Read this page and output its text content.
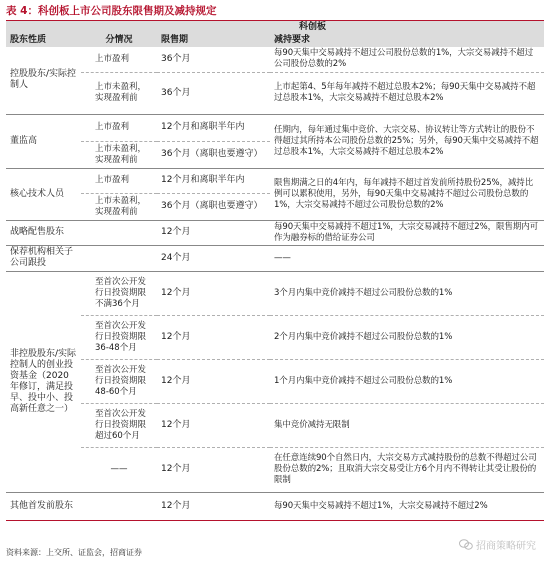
表 4：科创板上市公司股东限售期及减持规定
	科创板		
股东性质	分情况	限售期	减持要求
控股股东/实际控制人	上市盈利	36个月	每90天集中交易减持不超过公司股份总数的1%，大宗交易减持不超过公司股份总数的2%
	上市未盈利，实现盈利前	36个月	上市起第4、5年每年减持不超过总股本2%；每90天集中交易减持不超过总股本1%，大宗交易减持不超过总股本2%
董监高	上市盈利	12个月和离职半年内	任期内，每年通过集中竞价、大宗交易、协议转让等方式转让的股份不得超过其所持本公司股份总数的25%；另外，每90天集中交易减持不超过总股本1%，大宗交易减持不超过总股本2%
	上市未盈利，实现盈利前	36个月（离职也要遵守）	
核心技术人员	上市盈利	12个月和离职半年内	限售期满之日的4年内，每年减持不超过首发前所持股份25%，减持比例可以累积使用，另外，每90天集中交易减持不超过公司股份总数的1%，大宗交易减持不超过公司股份总数的2%
	上市未盈利，实现盈利前	36个月（离职也要遵守）	
战略配售股东		12个月	每90天集中交易减持不超过1%，大宗交易减持不超过2%，限售期内可作为融券标的借给证券公司
保荐机构相关子公司跟投		24个月	——
非控股股东/实际控制人的创业投资基金（2020年修订，满足投早、投中小、投高新任意之一）	至首次公开发行日投资期限不满36个月	12个月	3个月内集中竞价减持不超过公司股份总数的1%
	至首次公开发行日投资期限36-48个月	12个月	2个月内集中竞价减持不超过公司股份总数的1%
	至首次公开发行日投资期限48-60个月	12个月	1个月内集中竞价减持不超过公司股份总数的1%
	至首次公开发行日投资期限超过60个月	12个月	集中竞价减持无限制
	——	12个月	在任意连续90个自然日内，大宗交易方式减持股份的总数不得超过公司股份总数的2%；且取消大宗交易受让方6个月内不得转让其受让股份的限制
其他首发前股东		12个月	每90天集中交易减持不超过1%，大宗交易减持不超过2%
资料来源：上交所、证监会，招商证券
招商策略研究
